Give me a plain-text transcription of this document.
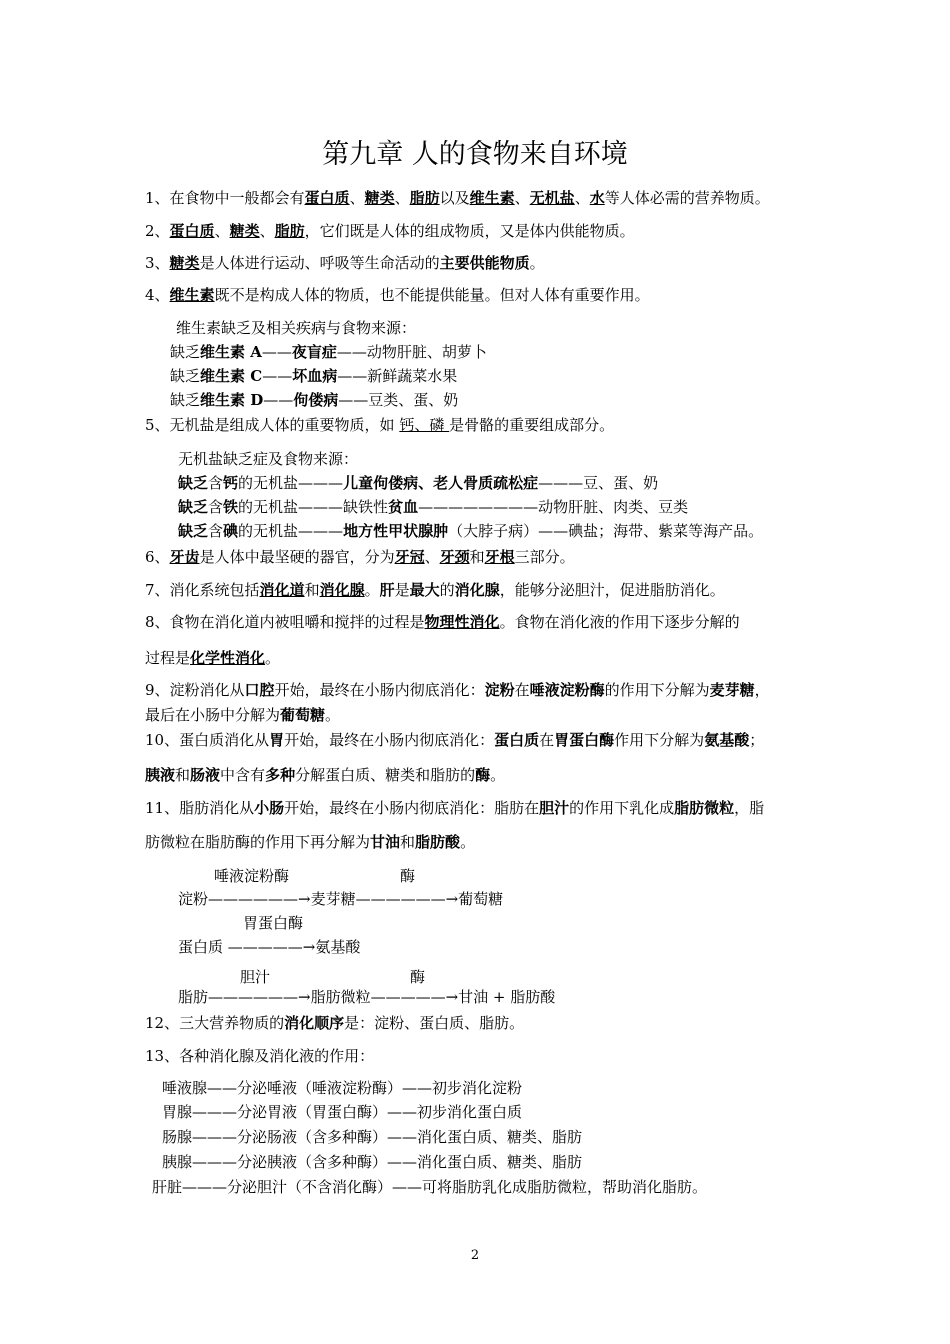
第九章 人的食物来自环境
1、在食物中一般都会有蛋白质、糖类、脂肪以及维生素、无机盐、水等人体必需的营养物质。
2、蛋白质、糖类、脂肪，它们既是人体的组成物质，又是体内供能物质。
3、糖类是人体进行运动、呼吸等生命活动的主要供能物质。
4、维生素既不是构成人体的物质，也不能提供能量。但对人体有重要作用。
维生素缺乏及相关疾病与食物来源：
缺乏维生素 A——夜盲症——动物肝脏、胡萝卜
缺乏维生素 C——坏血病——新鲜蔬菜水果
缺乏维生素 D——佝偻病——豆类、蛋、奶
5、无机盐是组成人体的重要物质，如 钙、磷 是骨骼的重要组成部分。
无机盐缺乏症及食物来源：
缺乏含钙的无机盐———儿童佝偻病、老人骨质疏松症———豆、蛋、奶
缺乏含铁的无机盐———缺铁性贫血————————动物肝脏、肉类、豆类
缺乏含碘的无机盐———地方性甲状腺肿（大脖子病）——碘盐；海带、紫菜等海产品。
6、牙齿是人体中最坚硬的器官，分为牙冠、牙颈和牙根三部分。
7、消化系统包括消化道和消化腺。肝是最大的消化腺，能够分泌胆汁，促进脂肪消化。
8、食物在消化道内被咀嚼和搅拌的过程是物理性消化。食物在消化液的作用下逐步分解的
过程是化学性消化。
9、淀粉消化从口腔开始，最终在小肠内彻底消化：淀粉在唾液淀粉酶的作用下分解为麦芽糖，
最后在小肠中分解为葡萄糖。
10、蛋白质消化从胃开始，最终在小肠内彻底消化：蛋白质在胃蛋白酶作用下分解为氨基酸；
胰液和肠液中含有多种分解蛋白质、糖类和脂肪的酶。
11、脂肪消化从小肠开始，最终在小肠内彻底消化：脂肪在胆汁的作用下乳化成脂肪微粒，脂
肪微粒在脂肪酶的作用下再分解为甘油和脂肪酸。
唾液淀粉酶	酶
淀粉——————→麦芽糖——————→葡萄糖
胃蛋白酶
蛋白质 —————→氨基酸
胆汁	酶
脂肪——————→脂肪微粒—————→甘油 + 脂肪酸
12、三大营养物质的消化顺序是：淀粉、蛋白质、脂肪。
13、各种消化腺及消化液的作用：
唾液腺——分泌唾液（唾液淀粉酶）——初步消化淀粉
胃腺———分泌胃液（胃蛋白酶）——初步消化蛋白质
肠腺———分泌肠液（含多种酶）——消化蛋白质、糖类、脂肪
胰腺———分泌胰液（含多种酶）——消化蛋白质、糖类、脂肪
肝脏———分泌胆汁（不含消化酶）——可将脂肪乳化成脂肪微粒，帮助消化脂肪。
2
